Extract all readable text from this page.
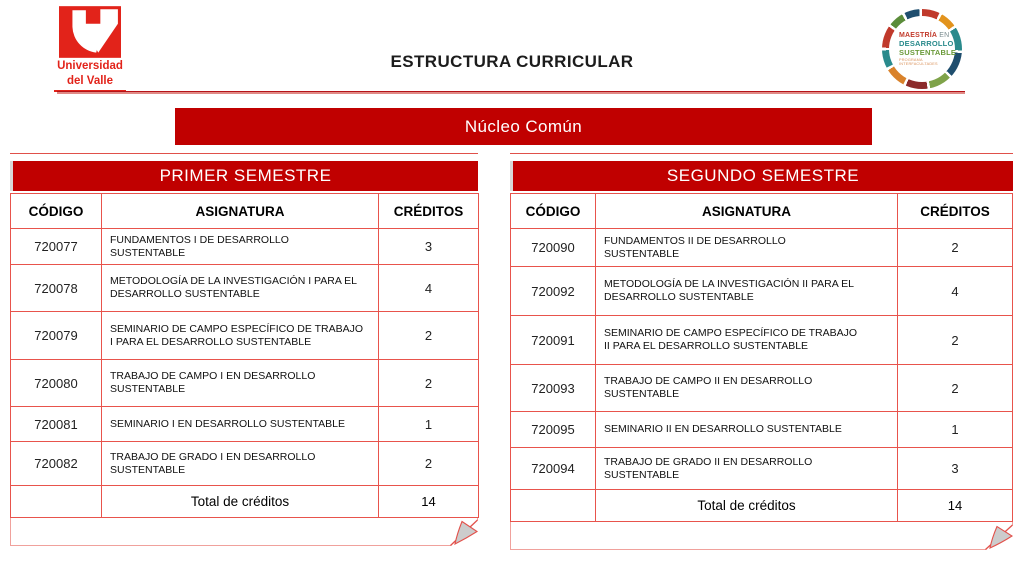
Universidad
del Valle
ESTRUCTURA CURRICULAR
MAESTRÍA EN
DESARROLLO
SUSTENTABLE
PROGRAMA INTERFACULTADES
Núcleo Común
PRIMER SEMESTRE
CÓDIGO	ASIGNATURA	CRÉDITOS
720077	FUNDAMENTOS I DE DESARROLLO SUSTENTABLE	3
720078	METODOLOGÍA DE LA INVESTIGACIÓN I PARA EL DESARROLLO SUSTENTABLE	4
720079	SEMINARIO DE CAMPO ESPECÍFICO DE TRABAJO I PARA EL DESARROLLO SUSTENTABLE	2
720080	TRABAJO DE CAMPO I EN DESARROLLO SUSTENTABLE	2
720081	SEMINARIO I EN DESARROLLO SUSTENTABLE	1
720082	TRABAJO DE GRADO I EN DESARROLLO SUSTENTABLE	2
	Total de créditos	14
SEGUNDO SEMESTRE
CÓDIGO	ASIGNATURA	CRÉDITOS
720090	FUNDAMENTOS II DE DESARROLLO SUSTENTABLE	2
720092	METODOLOGÍA DE LA INVESTIGACIÓN II PARA EL DESARROLLO SUSTENTABLE	4
720091	SEMINARIO DE CAMPO ESPECÍFICO DE TRABAJO II PARA EL DESARROLLO SUSTENTABLE	2
720093	TRABAJO DE CAMPO II EN DESARROLLO SUSTENTABLE	2
720095	SEMINARIO II EN DESARROLLO SUSTENTABLE	1
720094	TRABAJO DE GRADO II EN DESARROLLO SUSTENTABLE	3
	Total de créditos	14
